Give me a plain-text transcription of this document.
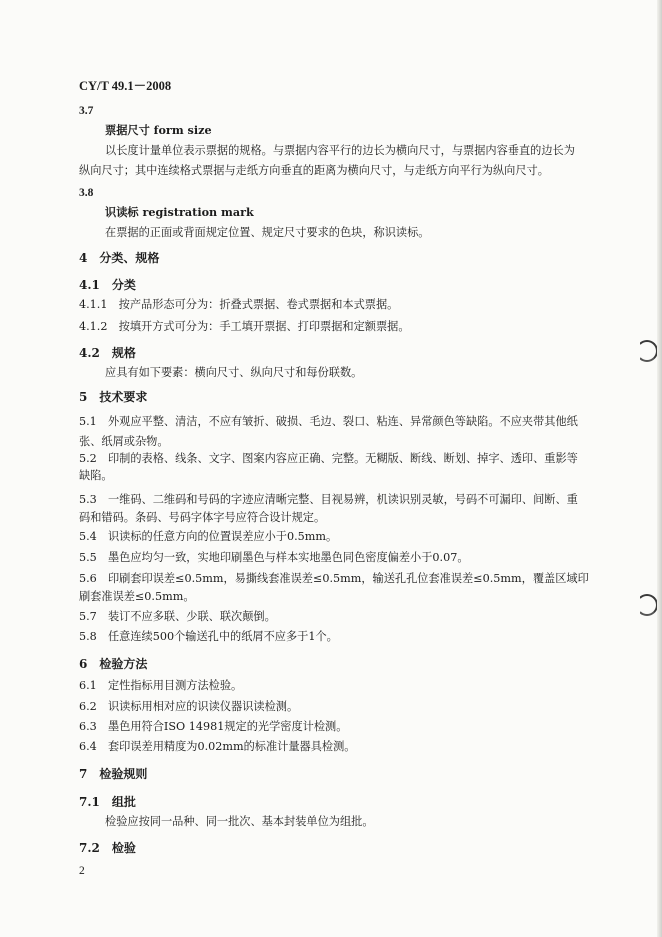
CY/T 49.1－2008
3.7
票据尺寸 form size
以长度计量单位表示票据的规格。与票据内容平行的边长为横向尺寸，与票据内容垂直的边长为
纵向尺寸；其中连续格式票据与走纸方向垂直的距离为横向尺寸，与走纸方向平行为纵向尺寸。
3.8
识读标 registration mark
在票据的正面或背面规定位置、规定尺寸要求的色块，称识读标。
4　分类、规格
4.1　分类
4.1.1　按产品形态可分为：折叠式票据、卷式票据和本式票据。
4.1.2　按填开方式可分为：手工填开票据、打印票据和定额票据。
4.2　规格
应具有如下要素：横向尺寸、纵向尺寸和每份联数。
5　技术要求
5.1　外观应平整、清洁，不应有皱折、破损、毛边、裂口、粘连、异常颜色等缺陷。不应夹带其他纸
张、纸屑或杂物。
5.2　印制的表格、线条、文字、图案内容应正确、完整。无糊版、断线、断划、掉字、透印、重影等
缺陷。
5.3　一维码、二维码和号码的字迹应清晰完整、目视易辨，机读识别灵敏，号码不可漏印、间断、重
码和错码。条码、号码字体字号应符合设计规定。
5.4　识读标的任意方向的位置误差应小于0.5mm。
5.5　墨色应均匀一致，实地印刷墨色与样本实地墨色同色密度偏差小于0.07。
5.6　印刷套印误差≤0.5mm，易撕线套准误差≤0.5mm，输送孔孔位套准误差≤0.5mm，覆盖区域印
刷套准误差≤0.5mm。
5.7　装订不应多联、少联、联次颠倒。
5.8　任意连续500个输送孔中的纸屑不应多于1个。
6　检验方法
6.1　定性指标用目测方法检验。
6.2　识读标用相对应的识读仪器识读检测。
6.3　墨色用符合ISO 14981规定的光学密度计检测。
6.4　套印误差用精度为0.02mm的标准计量器具检测。
7　检验规则
7.1　组批
检验应按同一品种、同一批次、基本封装单位为组批。
7.2　检验
2
